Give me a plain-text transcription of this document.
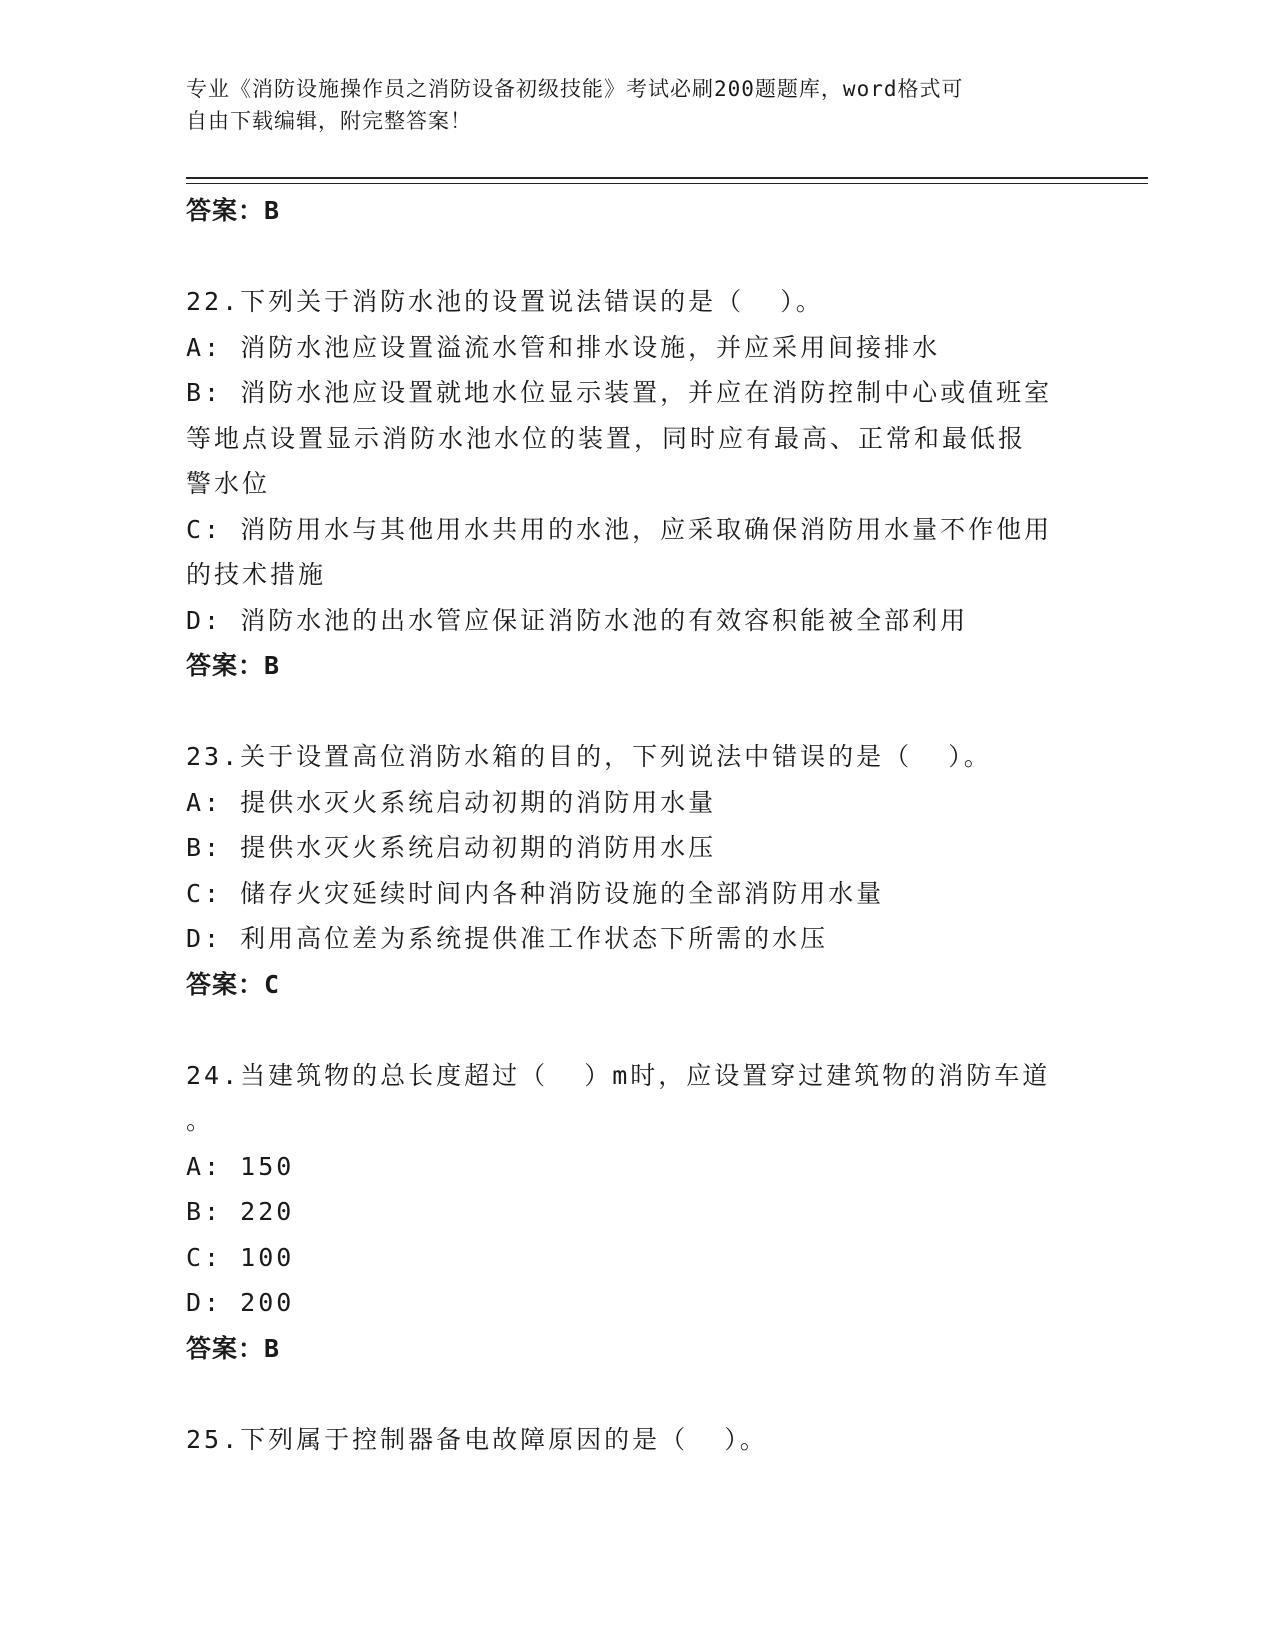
专业《消防设施操作员之消防设备初级技能》考试必刷200题题库，word格式可
自由下载编辑，附完整答案！

答案：B

22.下列关于消防水池的设置说法错误的是（  ）。

A: 消防水池应设置溢流水管和排水设施，并应采用间接排水

B: 消防水池应设置就地水位显示装置，并应在消防控制中心或值班室

等地点设置显示消防水池水位的装置，同时应有最高、正常和最低报

警水位

C: 消防用水与其他用水共用的水池，应采取确保消防用水量不作他用

的技术措施

D: 消防水池的出水管应保证消防水池的有效容积能被全部利用

答案：B

23.关于设置高位消防水箱的目的，下列说法中错误的是（  ）。

A: 提供水灭火系统启动初期的消防用水量

B: 提供水灭火系统启动初期的消防用水压

C: 储存火灾延续时间内各种消防设施的全部消防用水量

D: 利用高位差为系统提供准工作状态下所需的水压

答案：C

24.当建筑物的总长度超过（  ）m时，应设置穿过建筑物的消防车道

。

A: 150

B: 220

C: 100

D: 200

答案：B

25.下列属于控制器备电故障原因的是（  ）。
